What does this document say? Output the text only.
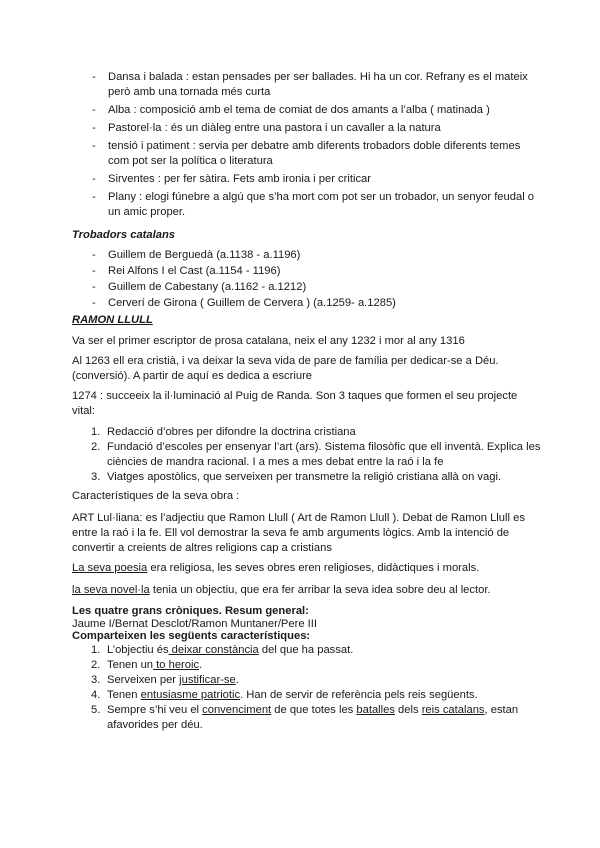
- Dansa i balada : estan pensades per ser ballades. Hi ha un cor. Refrany es el mateix però amb una tornada més curta
- Alba : composició amb el tema de comiat de dos amants a l’alba ( matinada )
- Pastorel·la : és un diàleg entre una pastora i un cavaller a la natura
- tensió i patiment : servia per debatre amb diferents trobadors doble diferents temes com pot ser la política o literatura
- Sirventes : per fer sàtira. Fets amb ironia i per criticar
- Plany : elogi fúnebre a algú que s’ha mort com pot ser un trobador, un senyor feudal o un amic proper.
Trobadors catalans
- Guillem de Berguedà (a.1138 - a.1196)
- Rei Alfons I el Cast (a.1154 - 1196)
- Guillem de Cabestany (a.1162 - a.1212)
- Cerverí de Girona ( Guillem de Cervera ) (a.1259- a.1285)
RAMON LLULL
Va ser el primer escriptor de prosa catalana, neix el any 1232 i mor al any 1316
Al 1263 ell era cristià, i va deixar la seva vida de pare de família per dedicar-se a Déu. (conversió). A partir de aquí es dedica a escriure
1274 : succeeix la il·luminació al Puig de Randa. Son 3 taques que formen el seu projecte vital:
1. Redacció d’obres per difondre la doctrina cristiana
2. Fundació d’escoles per ensenyar l’art (ars). Sistema filosòfic que ell inventà. Explica les ciències de mandra racional. I a mes a mes debat entre la raó i la fe
3. Viatges apostòlics, que serveixen per transmetre la religió cristiana allà on vagi.
Característiques de la seva obra :
ART Lul·liana: es l’adjectiu que Ramon Llull ( Art de Ramon Llull ). Debat de Ramon Llull es entre la raó i la fe. Ell vol demostrar la seva fe amb arguments lògics. Amb la intenció de convertir a creients de altres religions cap a cristians
La seva poesia era religiosa, les seves obres eren religioses, didàctiques i morals.
la seva novel·la tenia un objectiu, que era fer arribar la seva idea sobre deu al lector.
Les quatre grans cròniques. Resum general:
Jaume I/Bernat Desclot/Ramon Muntaner/Pere III
Comparteixen les següents característiques:
1. L’objectiu és deixar constància del que ha passat.
2. Tenen un to heroic.
3. Serveixen per justificar-se.
4. Tenen entusiasme patriotic. Han de servir de referència pels reis següents.
5. Sempre s’hi veu el convenciment de que totes les batalles dels reis catalans, estan afavorides per déu.
